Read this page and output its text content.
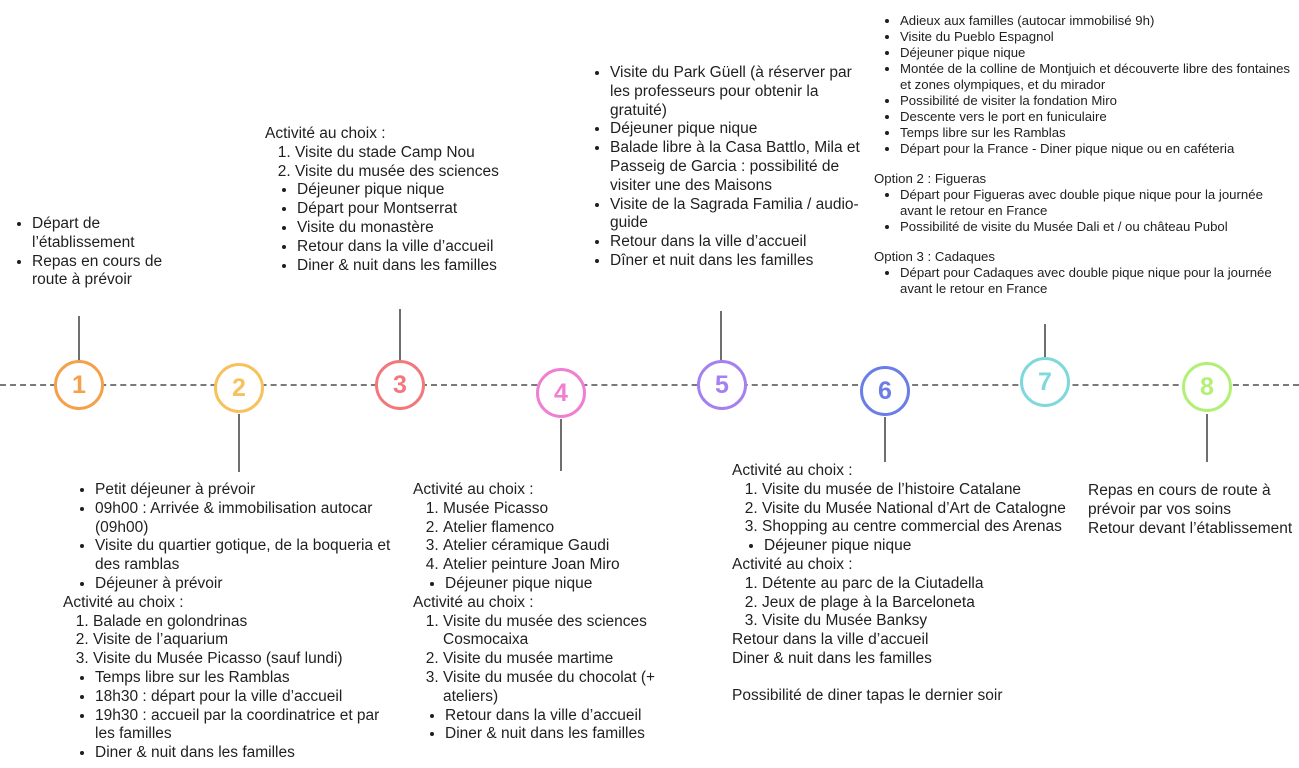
1	2	3	4	5	6	7	8
• Départ de l’établissement
• Repas en cours de route à prévoir
• Petit déjeuner à prévoir
• 09h00 : Arrivée & immobilisation autocar (09h00)
• Visite du quartier gotique, de la boqueria et des ramblas
• Déjeuner à prévoir

Activité au choix :

1. Balade en golondrinas
2. Visite de l’aquarium
3. Visite du Musée Picasso (sauf lundi)
• Temps libre sur les Ramblas
• 18h30 : départ pour la ville d’accueil
• 19h30 : accueil par la coordinatrice et par les familles
• Diner & nuit dans les familles

Activité au choix :

1. Visite du stade Camp Nou
2. Visite du musée des sciences
• Déjeuner pique nique
• Départ pour Montserrat
• Visite du monastère
• Retour dans la ville d’accueil
• Diner & nuit dans les familles

Activité au choix :

1. Musée Picasso
2. Atelier flamenco
3. Atelier céramique Gaudi
4. Atelier peinture Joan Miro
• Déjeuner pique nique

Activité au choix :

1. Visite du musée des sciences Cosmocaixa
2. Visite du musée martime
3. Visite du musée du chocolat (+ ateliers)
• Retour dans la ville d’accueil
• Diner & nuit dans les familles
• Visite du Park Güell (à réserver par les professeurs pour obtenir la gratuité)
• Déjeuner pique nique
• Balade libre à la Casa Battlo, Mila et Passeig de Garcia : possibilité de visiter une des Maisons
• Visite de la Sagrada Familia / audio-guide
• Retour dans la ville d’accueil
• Dîner et nuit dans les familles

Activité au choix :

1. Visite du musée de l’histoire Catalane
2. Visite du Musée National d’Art de Catalogne
3. Shopping au centre commercial des Arenas
• Déjeuner pique nique

Activité au choix :

1. Détente au parc de la Ciutadella
2. Jeux de plage à la Barceloneta
3. Visite du Musée Banksy

Retour dans la ville d’accueil

Diner & nuit dans les familles

Possibilité de diner tapas le dernier soir

• Adieux aux familles (autocar immobilisé 9h)
• Visite du Pueblo Espagnol
• Déjeuner pique nique
• Montée de la colline de Montjuich et découverte libre des fontaines et zones olympiques, et du mirador
• Possibilité de visiter la fondation Miro
• Descente vers le port en funiculaire
• Temps libre sur les Ramblas
• Départ pour la France - Diner pique nique ou en caféteria

Option 2 : Figueras

• Départ pour Figueras avec double pique nique pour la journée avant le retour en France
• Possibilité de visite du Musée Dali et / ou château Pubol

Option 3 : Cadaques

• Départ pour Cadaques avec double pique nique pour la journée avant le retour en France

Repas en cours de route à prévoir par vos soins

Retour devant l’établissement
